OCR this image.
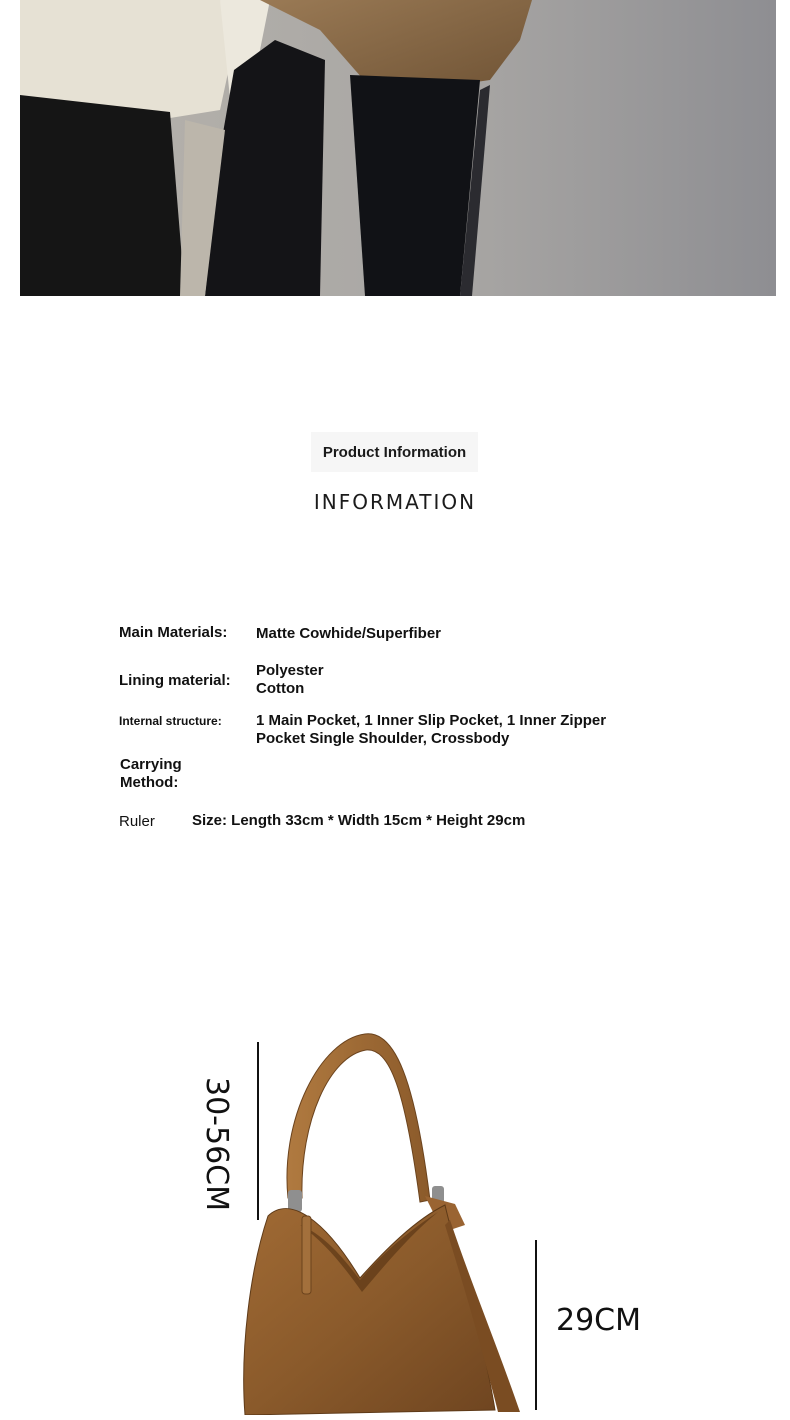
Product Information
INFORMATION
Main Materials: Matte Cowhide/Superfiber
Lining material:
Polyester
Cotton
Internal structure: 1 Main Pocket, 1 Inner Slip Pocket, 1 Inner Zipper
Pocket Single Shoulder, Crossbody
Carrying
Method:
Ruler Size: Length 33cm * Width 15cm * Height 29cm
30-56CM
29CM
